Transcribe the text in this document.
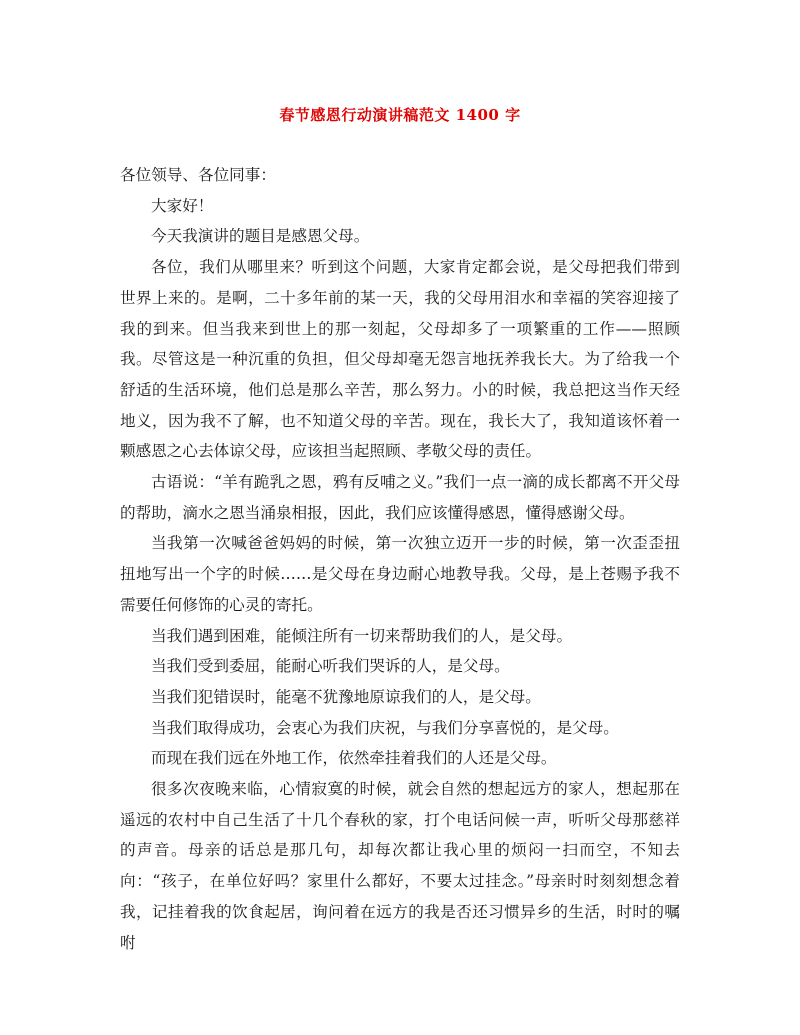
春节感恩行动演讲稿范文 1400 字

各位领导、各位同事：

大家好！

今天我演讲的题目是感恩父母。

各位，我们从哪里来？听到这个问题，大家肯定都会说，是父母把我们带到世界上来的。是啊，二十多年前的某一天，我的父母用泪水和幸福的笑容迎接了我的到来。但当我来到世上的那一刻起，父母却多了一项繁重的工作——照顾我。尽管这是一种沉重的负担，但父母却毫无怨言地抚养我长大。为了给我一个舒适的生活环境，他们总是那么辛苦，那么努力。小的时候，我总把这当作天经地义，因为我不了解，也不知道父母的辛苦。现在，我长大了，我知道该怀着一颗感恩之心去体谅父母，应该担当起照顾、孝敬父母的责任。

古语说：“羊有跪乳之恩，鸦有反哺之义。”我们一点一滴的成长都离不开父母的帮助，滴水之恩当涌泉相报，因此，我们应该懂得感恩，懂得感谢父母。

当我第一次喊爸爸妈妈的时候，第一次独立迈开一步的时候，第一次歪歪扭扭地写出一个字的时候……是父母在身边耐心地教导我。父母，是上苍赐予我不需要任何修饰的心灵的寄托。

当我们遇到困难，能倾注所有一切来帮助我们的人，是父母。

当我们受到委屈，能耐心听我们哭诉的人，是父母。

当我们犯错误时，能毫不犹豫地原谅我们的人，是父母。

当我们取得成功，会衷心为我们庆祝，与我们分享喜悦的，是父母。

而现在我们远在外地工作，依然牵挂着我们的人还是父母。

很多次夜晚来临，心情寂寞的时候，就会自然的想起远方的家人，想起那在遥远的农村中自己生活了十几个春秋的家，打个电话问候一声，听听父母那慈祥的声音。母亲的话总是那几句，却每次都让我心里的烦闷一扫而空，不知去向：“孩子，在单位好吗？家里什么都好，不要太过挂念。”母亲时时刻刻想念着我，记挂着我的饮食起居，询问着在远方的我是否还习惯异乡的生活，时时的嘱咐
